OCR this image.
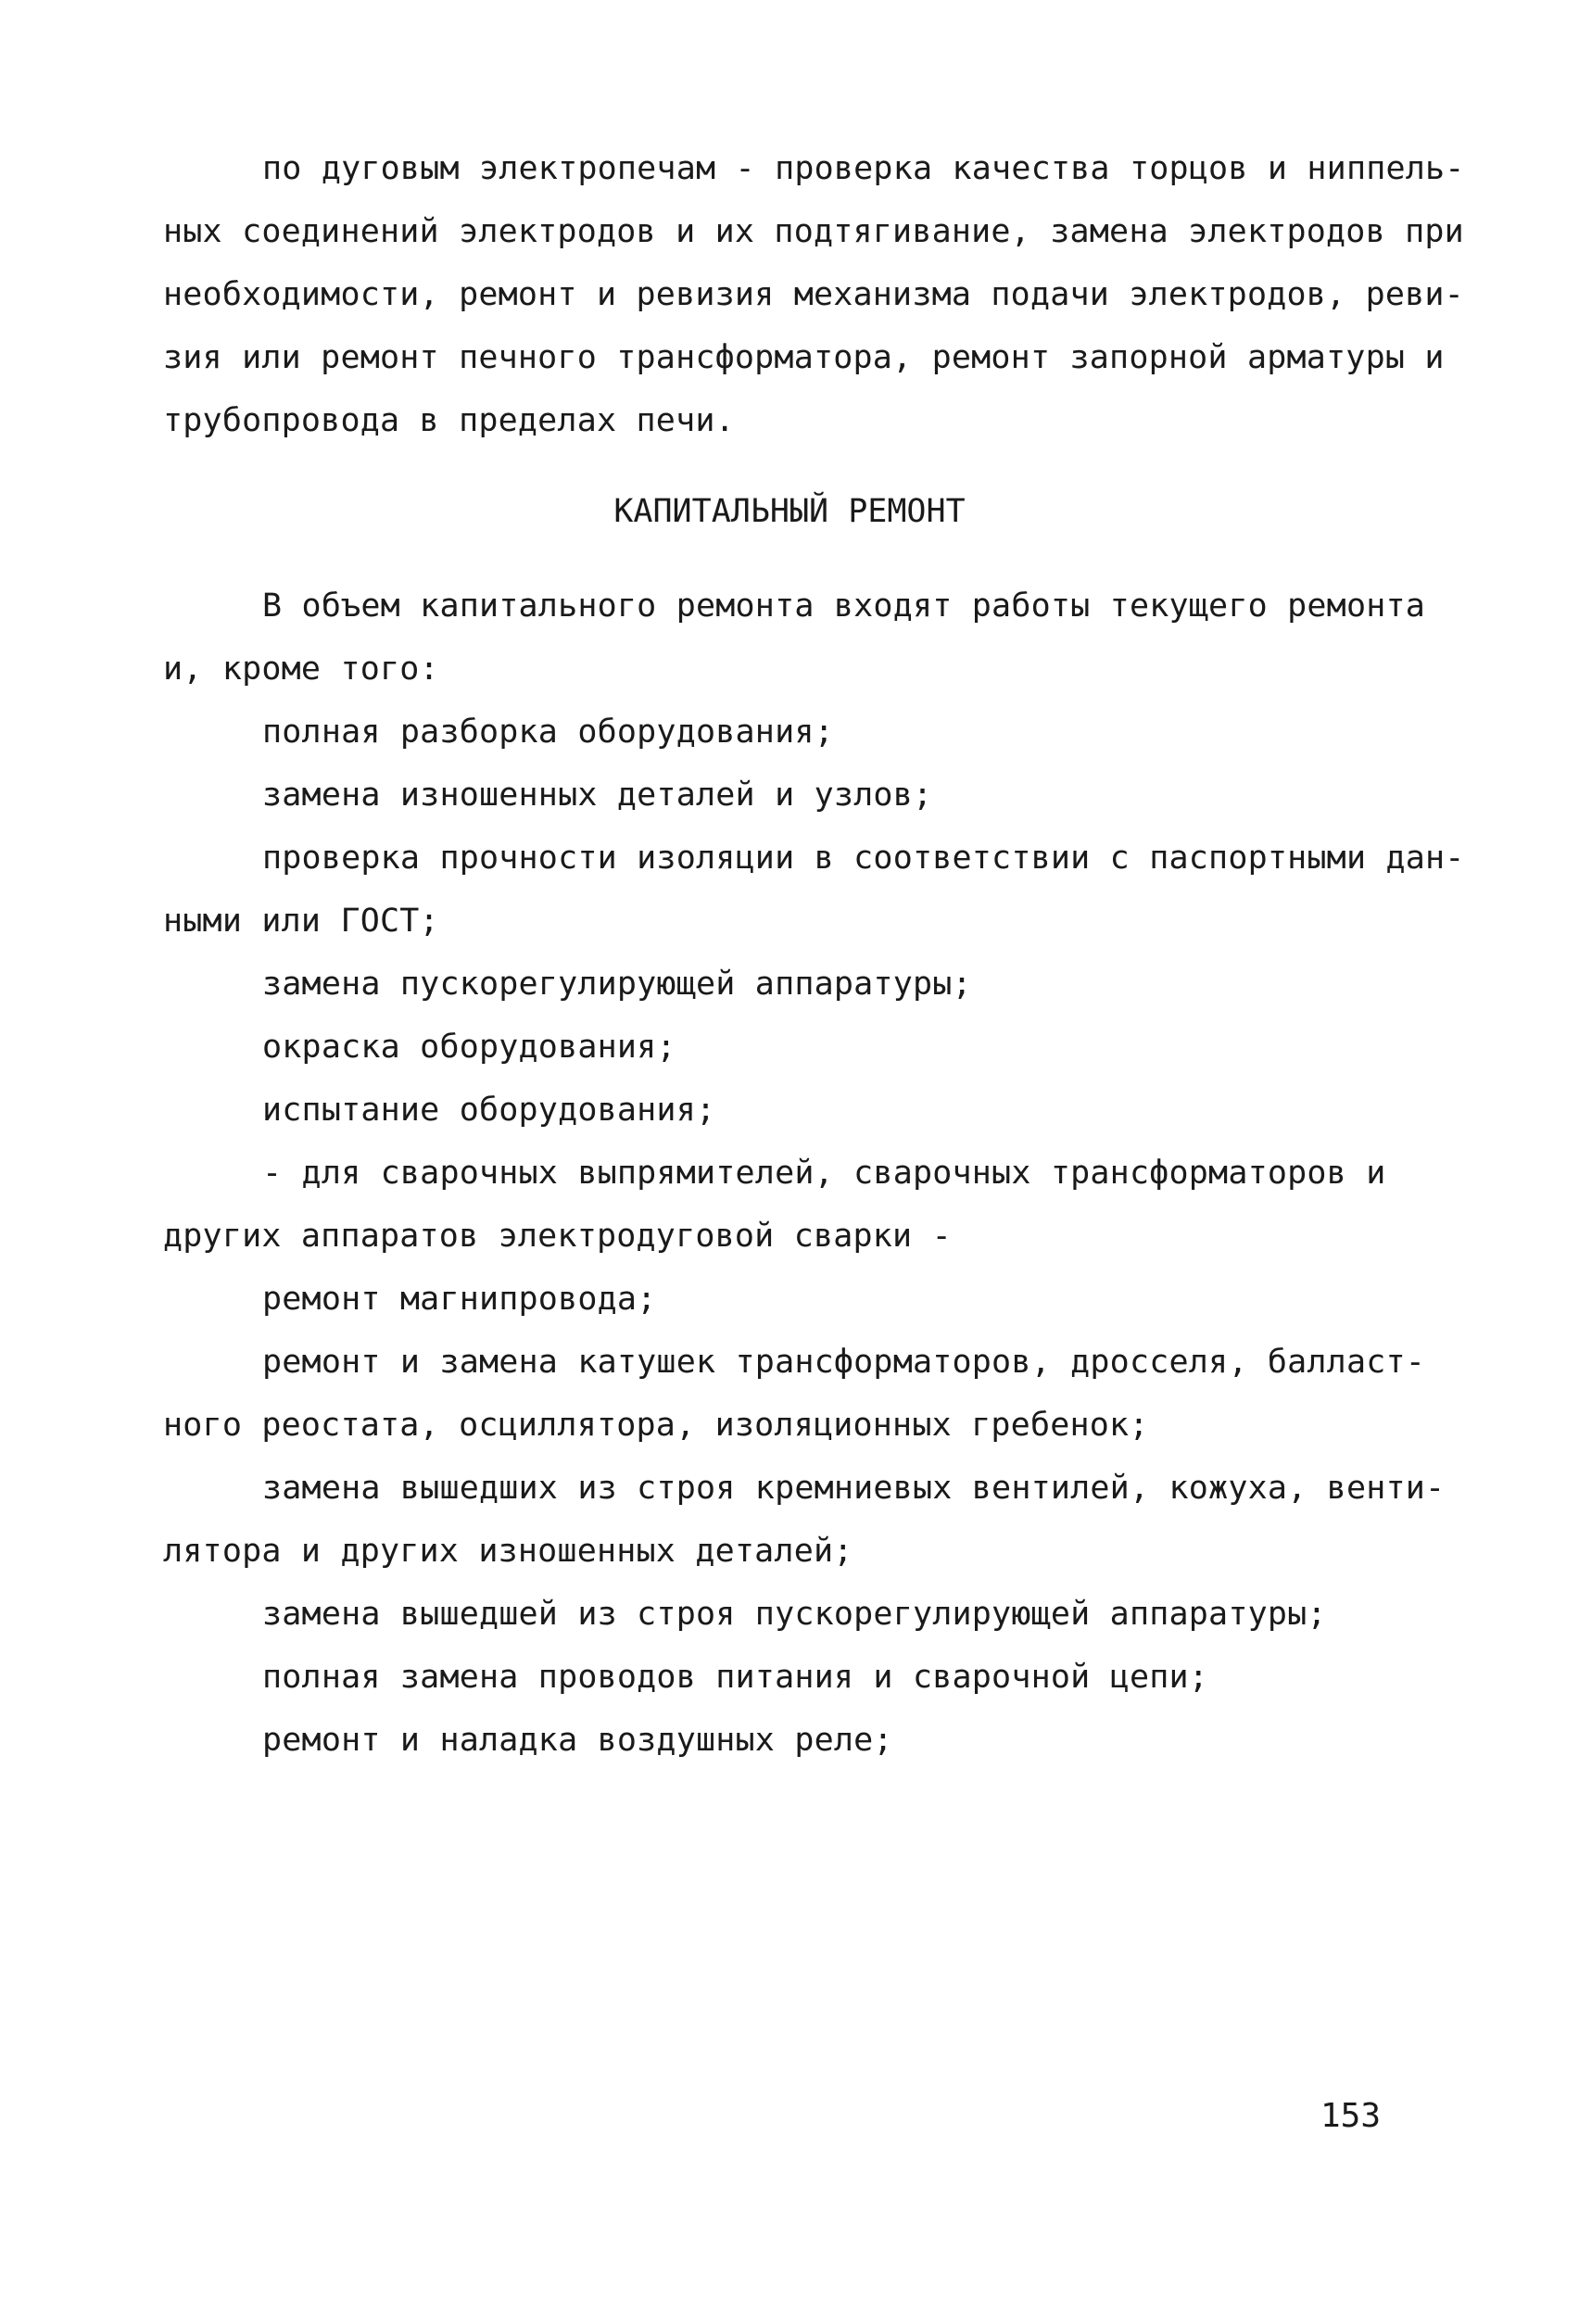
по дуговым электропечам - проверка качества торцов и ниппель-
ных соединений электродов и их подтягивание, замена электродов при
необходимости, ремонт и ревизия механизма подачи электродов, реви-
зия или ремонт печного трансформатора, ремонт запорной арматуры и
трубопровода в пределах печи.
КАПИТАЛЬНЫЙ РЕМОНТ
В объем капитального ремонта входят работы текущего ремонта
и, кроме того:
полная разборка оборудования;
замена изношенных деталей и узлов;
проверка прочности изоляции в соответствии с паспортными дан-
ными или ГОСТ;
замена пускорегулирующей аппаратуры;
окраска оборудования;
испытание оборудования;
- для сварочных выпрямителей, сварочных трансформаторов и
других аппаратов электродуговой сварки -
ремонт магнипровода;
ремонт и замена катушек трансформаторов, дросселя, балласт-
ного реостата, осциллятора, изоляционных гребенок;
замена вышедших из строя кремниевых вентилей, кожуха, венти-
лятора и других изношенных деталей;
замена вышедшей из строя пускорегулирующей аппаратуры;
полная замена проводов питания и сварочной цепи;
ремонт и наладка воздушных реле;
153
